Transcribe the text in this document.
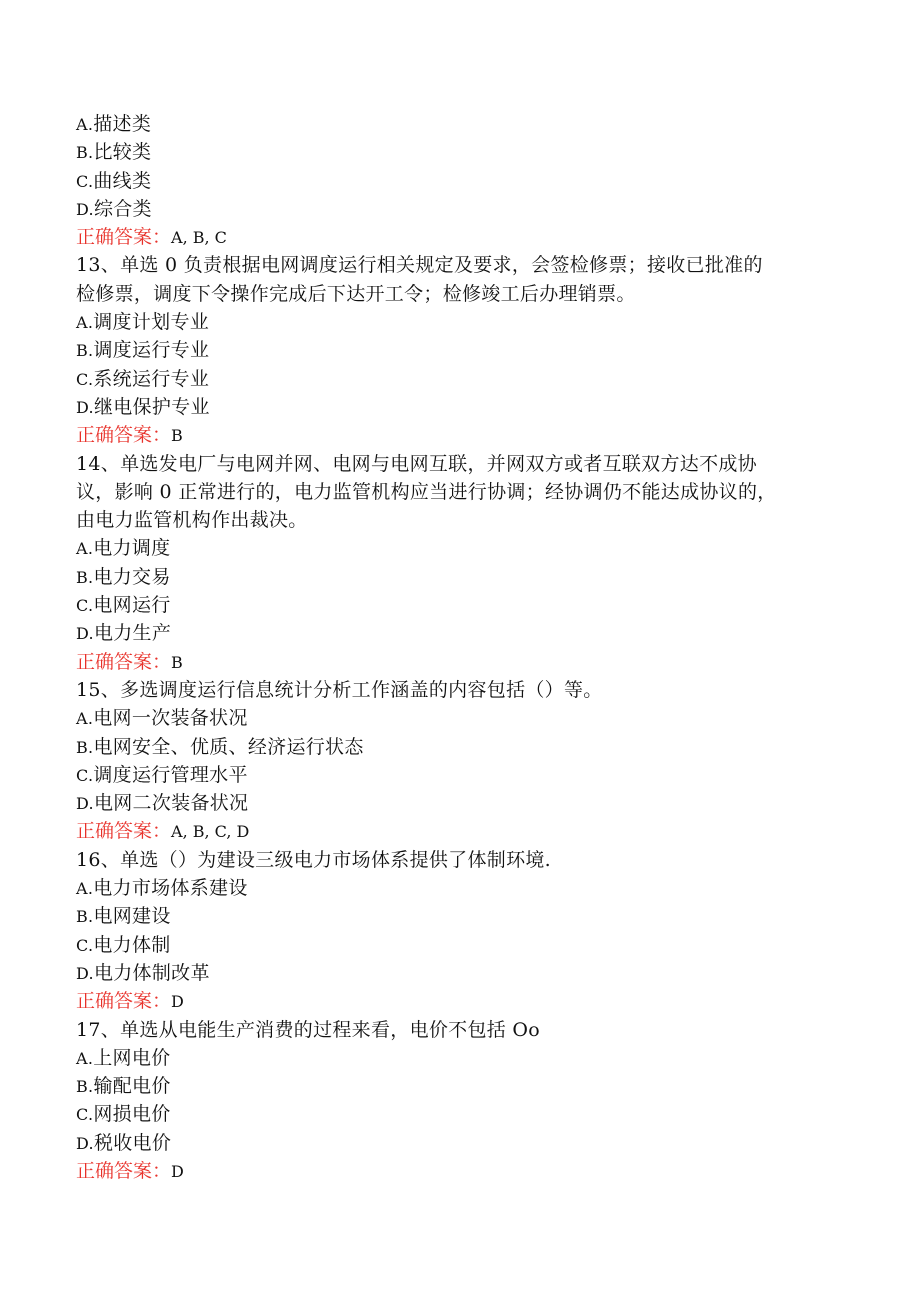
A.描述类
B.比较类
C.曲线类
D.综合类
正确答案：A, B, C
13、单选 0 负责根据电网调度运行相关规定及要求，会签检修票；接收已批准的
检修票，调度下令操作完成后下达开工令；检修竣工后办理销票。
A.调度计划专业
B.调度运行专业
C.系统运行专业
D.继电保护专业
正确答案：B
14、单选发电厂与电网并网、电网与电网互联，并网双方或者互联双方达不成协
议，影响 0 正常进行的，电力监管机构应当进行协调；经协调仍不能达成协议的，
由电力监管机构作出裁决。
A.电力调度
B.电力交易
C.电网运行
D.电力生产
正确答案：B
15、多选调度运行信息统计分析工作涵盖的内容包括（）等。
A.电网一次装备状况
B.电网安全、优质、经济运行状态
C.调度运行管理水平
D.电网二次装备状况
正确答案：A, B, C, D
16、单选（）为建设三级电力市场体系提供了体制环境.
A.电力市场体系建设
B.电网建设
C.电力体制
D.电力体制改革
正确答案：D
17、单选从电能生产消费的过程来看，电价不包括 Oo
A.上网电价
B.输配电价
C.网损电价
D.税收电价
正确答案：D
